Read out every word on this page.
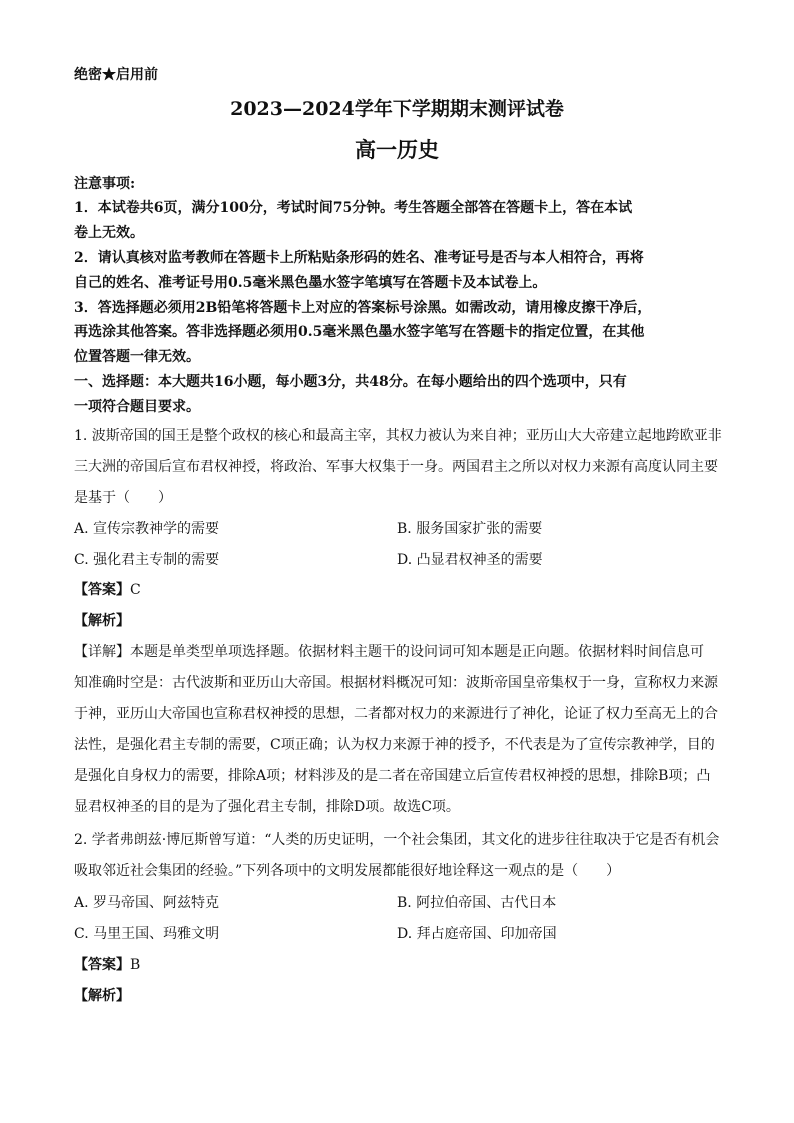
绝密★启用前
2023—2024学年下学期期末测评试卷
高一历史
注意事项:
1．本试卷共6页，满分100分，考试时间75分钟。考生答题全部答在答题卡上，答在本试
卷上无效。
2．请认真核对监考教师在答题卡上所粘贴条形码的姓名、准考证号是否与本人相符合，再将
自己的姓名、准考证号用0.5毫米黑色墨水签字笔填写在答题卡及本试卷上。
3．答选择题必须用2B铅笔将答题卡上对应的答案标号涂黑。如需改动，请用橡皮擦干净后，
再选涂其他答案。答非选择题必须用0.5毫米黑色墨水签字笔写在答题卡的指定位置，在其他
位置答题一律无效。
一、选择题：本大题共16小题，每小题3分，共48分。在每小题给出的四个选项中，只有
一项符合题目要求。
1. 波斯帝国的国王是整个政权的核心和最高主宰，其权力被认为来自神；亚历山大大帝建立起地跨欧亚非
三大洲的帝国后宣布君权神授，将政治、军事大权集于一身。两国君主之所以对权力来源有高度认同主要
是基于（　　）
A. 宣传宗教神学的需要	B. 服务国家扩张的需要
C. 强化君主专制的需要	D. 凸显君权神圣的需要
【答案】C
【解析】
【详解】本题是单类型单项选择题。依据材料主题干的设问词可知本题是正向题。依据材料时间信息可
知准确时空是：古代波斯和亚历山大帝国。根据材料概况可知：波斯帝国皇帝集权于一身，宣称权力来源
于神，亚历山大帝国也宣称君权神授的思想，二者都对权力的来源进行了神化，论证了权力至高无上的合
法性，是强化君主专制的需要，C项正确；认为权力来源于神的授予，不代表是为了宣传宗教神学，目的
是强化自身权力的需要，排除A项；材料涉及的是二者在帝国建立后宣传君权神授的思想，排除B项；凸
显君权神圣的目的是为了强化君主专制，排除D项。故选C项。
2. 学者弗朗兹·博厄斯曾写道：“人类的历史证明，一个社会集团，其文化的进步往往取决于它是否有机会
吸取邻近社会集团的经验。”下列各项中的文明发展都能很好地诠释这一观点的是（　　）
A. 罗马帝国、阿兹特克	B. 阿拉伯帝国、古代日本
C. 马里王国、玛雅文明	D. 拜占庭帝国、印加帝国
【答案】B
【解析】
